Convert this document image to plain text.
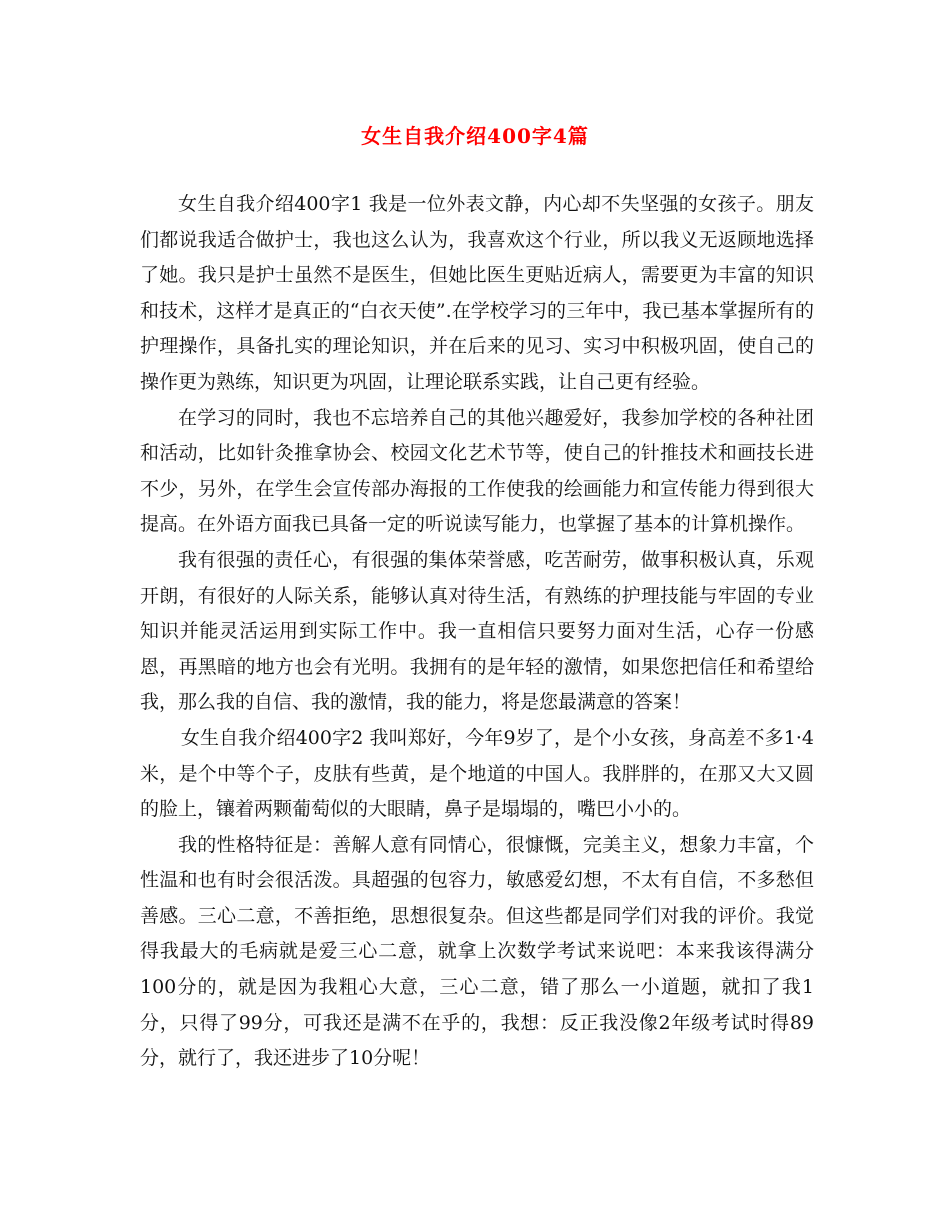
女生自我介绍400字4篇

女生自我介绍400字1 我是一位外表文静，内心却不失坚强的女孩子。朋友们都说我适合做护士，我也这么认为，我喜欢这个行业，所以我义无返顾地选择了她。我只是护士虽然不是医生，但她比医生更贴近病人，需要更为丰富的知识和技术，这样才是真正的“白衣天使”.在学校学习的三年中，我已基本掌握所有的护理操作，具备扎实的理论知识，并在后来的见习、实习中积极巩固，使自己的操作更为熟练，知识更为巩固，让理论联系实践，让自己更有经验。

在学习的同时，我也不忘培养自己的其他兴趣爱好，我参加学校的各种社团和活动，比如针灸推拿协会、校园文化艺术节等，使自己的针推技术和画技长进不少，另外，在学生会宣传部办海报的工作使我的绘画能力和宣传能力得到很大提高。在外语方面我已具备一定的听说读写能力，也掌握了基本的计算机操作。

我有很强的责任心，有很强的集体荣誉感，吃苦耐劳，做事积极认真，乐观开朗，有很好的人际关系，能够认真对待生活，有熟练的护理技能与牢固的专业知识并能灵活运用到实际工作中。我一直相信只要努力面对生活，心存一份感恩，再黑暗的地方也会有光明。我拥有的是年轻的激情，如果您把信任和希望给我，那么我的自信、我的激情，我的能力，将是您最满意的答案！

女生自我介绍400字2 我叫郑好，今年9岁了，是个小女孩，身高差不多1·4米，是个中等个子，皮肤有些黄，是个地道的中国人。我胖胖的，在那又大又圆的脸上，镶着两颗葡萄似的大眼睛，鼻子是塌塌的，嘴巴小小的。

我的性格特征是：善解人意有同情心，很慷慨，完美主义，想象力丰富，个性温和也有时会很活泼。具超强的包容力，敏感爱幻想，不太有自信，不多愁但善感。三心二意，不善拒绝，思想很复杂。但这些都是同学们对我的评价。我觉得我最大的毛病就是爱三心二意，就拿上次数学考试来说吧：本来我该得满分100分的，就是因为我粗心大意，三心二意，错了那么一小道题，就扣了我1分，只得了99分，可我还是满不在乎的，我想：反正我没像2年级考试时得89分，就行了，我还进步了10分呢！
